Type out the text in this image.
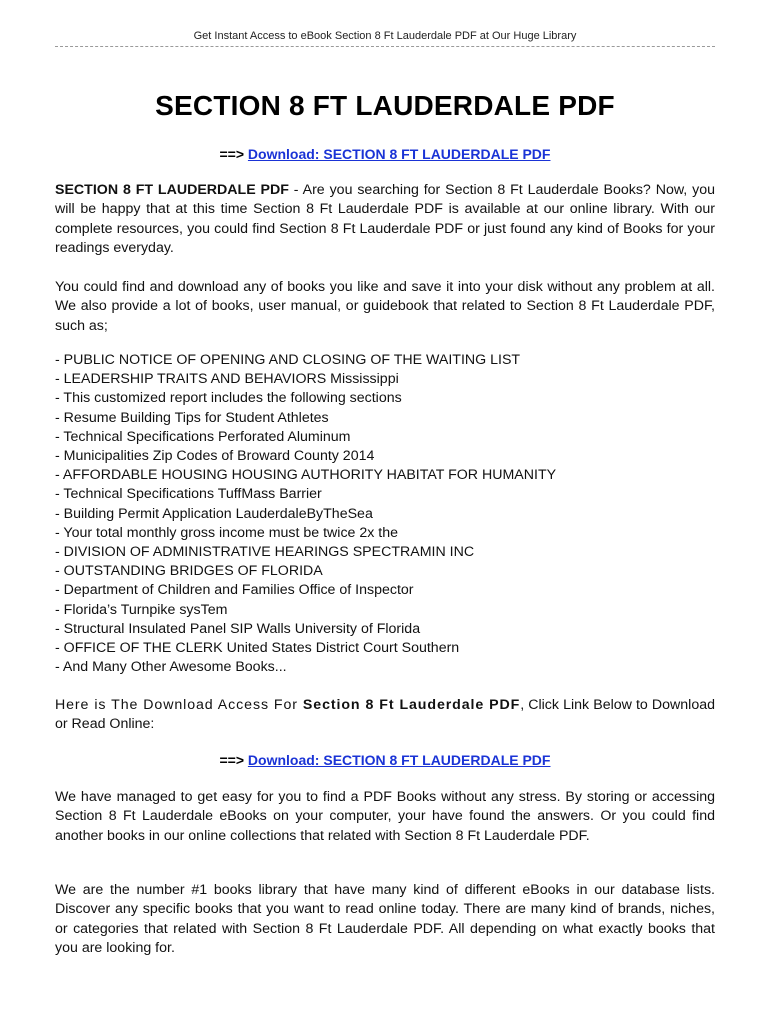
Get Instant Access to eBook Section 8 Ft Lauderdale PDF at Our Huge Library
SECTION 8 FT LAUDERDALE PDF
==> Download: SECTION 8 FT LAUDERDALE PDF

SECTION 8 FT LAUDERDALE PDF - Are you searching for Section 8 Ft Lauderdale Books? Now, you will be happy that at this time Section 8 Ft Lauderdale PDF is available at our online library. With our complete resources, you could find Section 8 Ft Lauderdale PDF or just found any kind of Books for your readings everyday.

You could find and download any of books you like and save it into your disk without any problem at all. We also provide a lot of books, user manual, or guidebook that related to Section 8 Ft Lauderdale PDF, such as;

- PUBLIC NOTICE OF OPENING AND CLOSING OF THE WAITING LIST
- LEADERSHIP TRAITS AND BEHAVIORS Mississippi
- This customized report includes the following sections
- Resume Building Tips for Student Athletes
- Technical Specifications Perforated Aluminum
- Municipalities Zip Codes of Broward County 2014
- AFFORDABLE HOUSING HOUSING AUTHORITY HABITAT FOR HUMANITY
- Technical Specifications TuffMass Barrier
- Building Permit Application LauderdaleByTheSea
- Your total monthly gross income must be twice 2x the
- DIVISION OF ADMINISTRATIVE HEARINGS SPECTRAMIN INC
- OUTSTANDING BRIDGES OF FLORIDA
- Department of Children and Families Office of Inspector
- Florida’s Turnpike sysTem
- Structural Insulated Panel SIP Walls University of Florida
- OFFICE OF THE CLERK United States District Court Southern
- And Many Other Awesome Books...

Here is The Download Access For Section 8 Ft Lauderdale PDF, Click Link Below to Download or Read Online:

==> Download: SECTION 8 FT LAUDERDALE PDF

We have managed to get easy for you to find a PDF Books without any stress. By storing or accessing Section 8 Ft Lauderdale eBooks on your computer, your have found the answers. Or you could find another books in our online collections that related with Section 8 Ft Lauderdale PDF.

We are the number #1 books library that have many kind of different eBooks in our database lists. Discover any specific books that you want to read online today. There are many kind of brands, niches, or categories that related with Section 8 Ft Lauderdale PDF. All depending on what exactly books that you are looking for.
